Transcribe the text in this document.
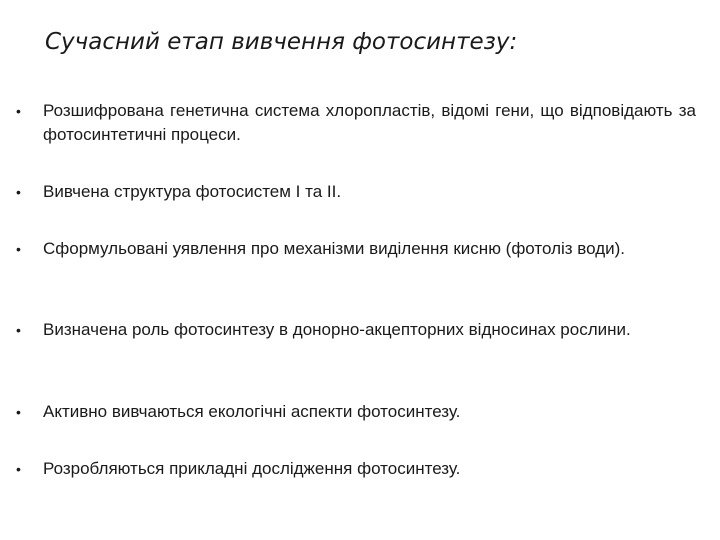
Сучасний етап вивчення фотосинтезу:
•	Розшифрована генетична система хлоропластів, відомі гени, що відповідають за фотосинтетичні процеси.
•	Вивчена структура фотосистем I та II.
•	Сформульовані уявлення про механізми виділення кисню (фотоліз води).
•	Визначена роль фотосинтезу в донорно-акцепторних відносинах рослини.
•	Активно вивчаються екологічні аспекти фотосинтезу.
•	Розробляються прикладні дослідження фотосинтезу.
